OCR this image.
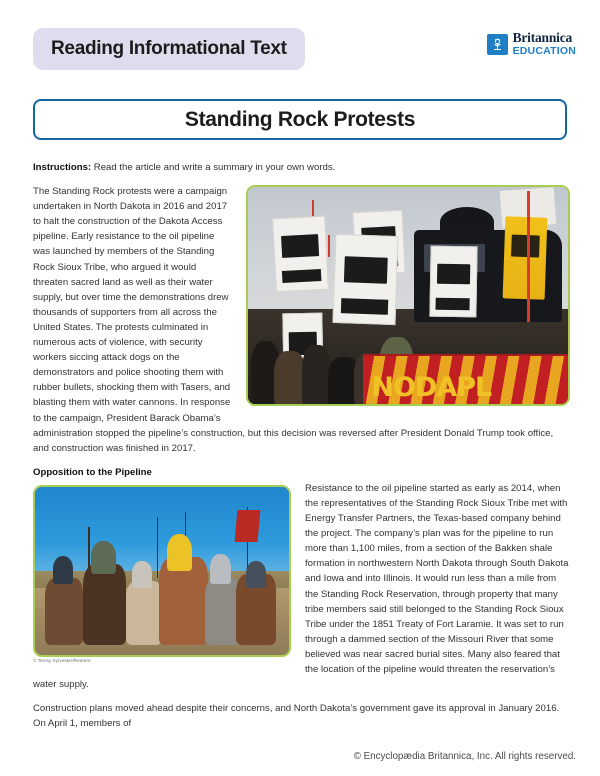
Reading Informational Text
Britannica
EDUCATION
Standing Rock Protests

Instructions: Read the article and write a summary in your own words.

NODAPL

The Standing Rock protests were a campaign undertaken in North Dakota in 2016 and 2017 to halt the construction of the Dakota Access pipeline. Early resistance to the oil pipeline was launched by members of the Standing Rock Sioux Tribe, who argued it would threaten sacred land as well as their water supply, but over time the demonstrations drew thousands of supporters from all across the United States. The protests culminated in numerous acts of violence, with security workers siccing attack dogs on the demonstrators and police shooting them with rubber bullets, shocking them with Tasers, and blasting them with water cannons. In response to the campaign, President Barack Obama’s administration stopped the pipeline’s construction, but this decision was reversed after President Donald Trump took office, and construction was finished in 2017.

Opposition to the Pipeline

© Terray Sylvester/Reuters

Resistance to the oil pipeline started as early as 2014, when the representatives of the Standing Rock Sioux Tribe met with Energy Transfer Partners, the Texas-based company behind the project. The company’s plan was for the pipeline to run more than 1,100 miles, from a section of the Bakken shale formation in northwestern North Dakota through South Dakota and Iowa and into Illinois. It would run less than a mile from the Standing Rock Reservation, through property that many tribe members said still belonged to the Standing Rock Sioux Tribe under the 1851 Treaty of Fort Laramie. It was set to run through a dammed section of the Missouri River that some believed was near sacred burial sites. Many also feared that the location of the pipeline would threaten the reservation’s water supply.

Construction plans moved ahead despite their concerns, and North Dakota’s government gave its approval in January 2016. On April 1, members of

© Encyclopædia Britannica, Inc. All rights reserved.
